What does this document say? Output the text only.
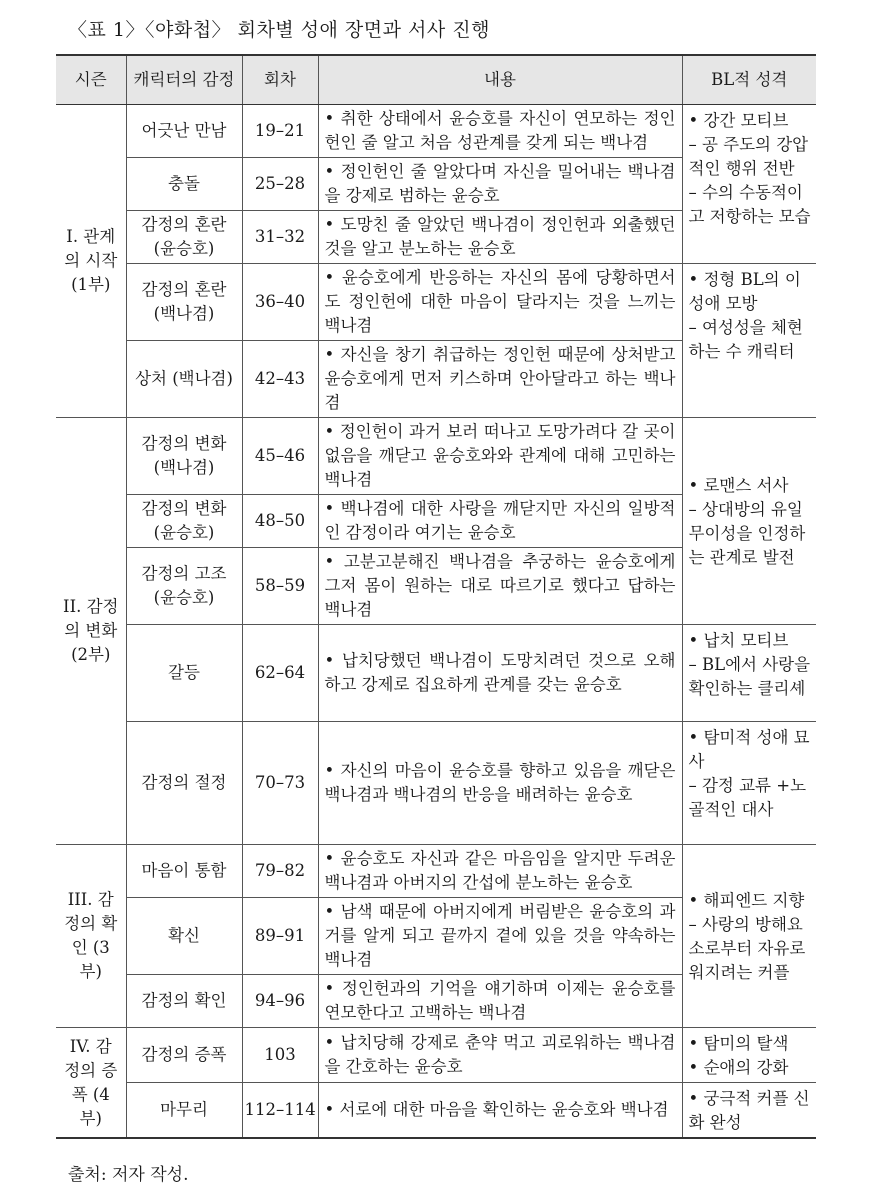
〈표 1〉〈야화첩〉 회차별 성애 장면과 서사 진행
시즌	캐릭터의 감정	회차	내용	BL적 성격
I. 관계의 시작 (1부)	어긋난 만남	19–21	• 취한 상태에서 윤승호를 자신이 연모하는 정인헌인 줄 알고 처음 성관계를 갖게 되는 백나겸	• 강간 모티브
– 공 주도의 강압적인 행위 전반
– 수의 수동적이고 저항하는 모습

	충돌	25–28	• 정인헌인 줄 알았다며 자신을 밀어내는 백나겸을 강제로 범하는 윤승호	
	감정의 혼란 (윤승호)	31–32	• 도망친 줄 알았던 백나겸이 정인헌과 외출했던 것을 알고 분노하는 윤승호	
	감정의 혼란 (백나겸)	36–40	• 윤승호에게 반응하는 자신의 몸에 당황하면서도 정인헌에 대한 마음이 달라지는 것을 느끼는 백나겸	• 정형 BL의 이성애 모방
– 여성성을 체현하는 수 캐릭터

	상처 (백나겸)	42–43	• 자신을 창기 취급하는 정인헌 때문에 상처받고 윤승호에게 먼저 키스하며 안아달라고 하는 백나겸	
II. 감정의 변화 (2부)	감정의 변화 (백나겸)	45–46	• 정인헌이 과거 보러 떠나고 도망가려다 갈 곳이 없음을 깨닫고 윤승호와와 관계에 대해 고민하는 백나겸	• 로맨스 서사
– 상대방의 유일무이성을 인정하는 관계로 발전

	감정의 변화 (윤승호)	48–50	• 백나겸에 대한 사랑을 깨닫지만 자신의 일방적인 감정이라 여기는 윤승호	
	감정의 고조 (윤승호)	58–59	• 고분고분해진 백나겸을 추궁하는 윤승호에게 그저 몸이 원하는 대로 따르기로 했다고 답하는 백나겸	
	갈등	62–64	• 납치당했던 백나겸이 도망치려던 것으로 오해하고 강제로 집요하게 관계를 갖는 윤승호	• 납치 모티브
– BL에서 사랑을 확인하는 클리셰

	감정의 절정	70–73	• 자신의 마음이 윤승호를 향하고 있음을 깨닫은 백나겸과 백나겸의 반응을 배려하는 윤승호	• 탐미적 성애 묘사
– 감정 교류 +노골적인 대사

III. 감정의 확인 (3부)	마음이 통함	79–82	• 윤승호도 자신과 같은 마음임을 알지만 두려운 백나겸과 아버지의 간섭에 분노하는 윤승호	• 해피엔드 지향
– 사랑의 방해요소로부터 자유로워지려는 커플

	확신	89–91	• 남색 때문에 아버지에게 버림받은 윤승호의 과거를 알게 되고 끝까지 곁에 있을 것을 약속하는 백나겸	
	감정의 확인	94–96	• 정인헌과의 기억을 얘기하며 이제는 윤승호를 연모한다고 고백하는 백나겸	
IV. 감정의 증폭 (4부)	감정의 증폭	103	• 납치당해 강제로 춘약 먹고 괴로워하는 백나겸을 간호하는 윤승호	• 탐미의 탈색
• 순애의 강화

	마무리	112–114	• 서로에 대한 마음을 확인하는 윤승호와 백나겸	• 궁극적 커플 신화 완성
출처: 저자 작성.
